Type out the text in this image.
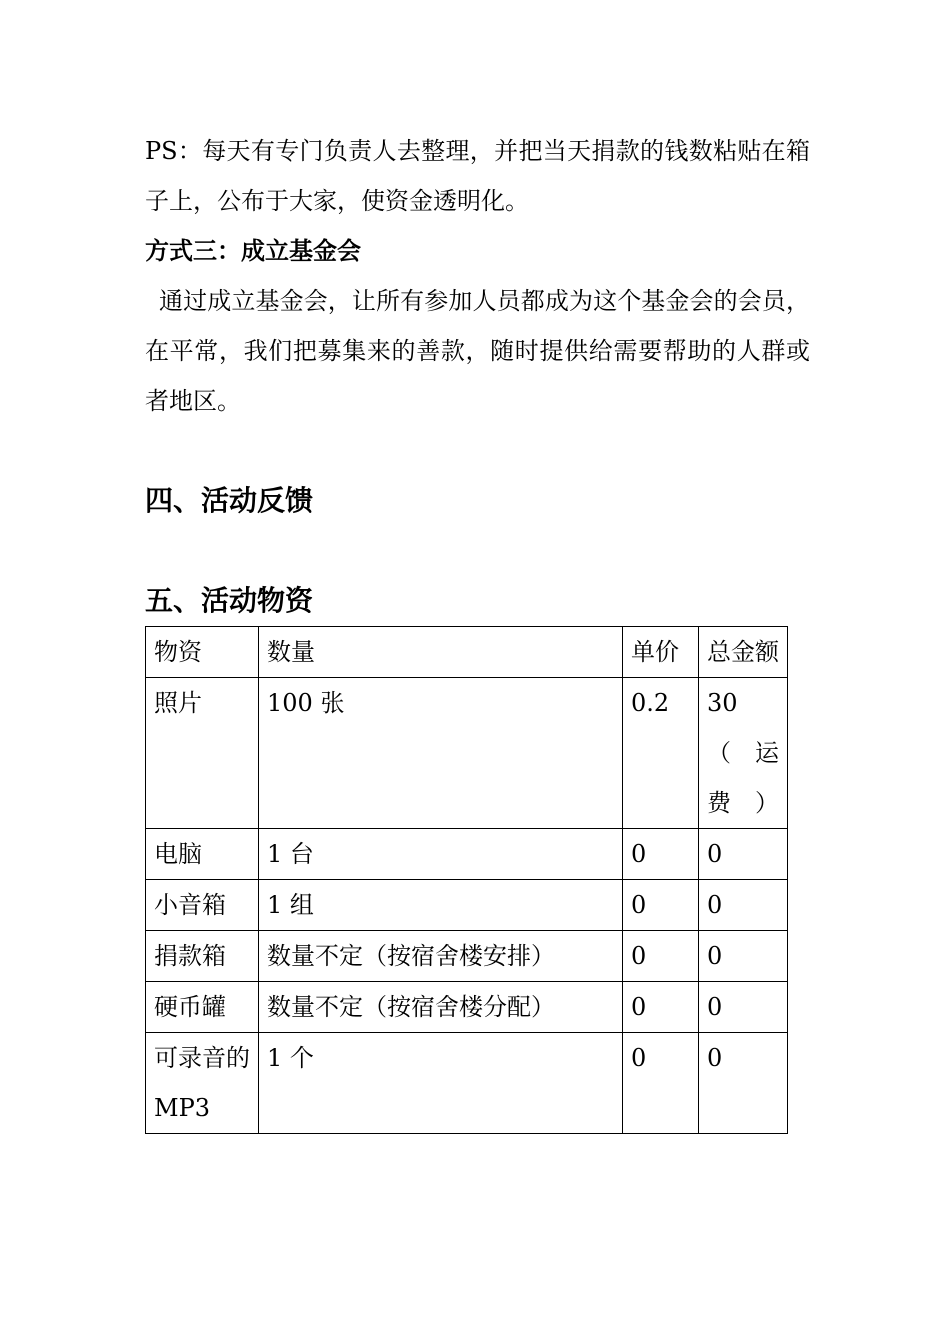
PS：每天有专门负责人去整理，并把当天捐款的钱数粘贴在箱子上，公布于大家，使资金透明化。

方式三：成立基金会

通过成立基金会，让所有参加人员都成为这个基金会的会员，在平常，我们把募集来的善款，随时提供给需要帮助的人群或者地区。

四、活动反馈
五、活动物资
物资	数量	单价	总金额
照片	100 张	0.2	30（运费）
电脑	1 台	0	0
小音箱	1 组	0	0
捐款箱	数量不定（按宿舍楼安排）	0	0
硬币罐	数量不定（按宿舍楼分配）	0	0
可录音的MP3	1 个	0	0
